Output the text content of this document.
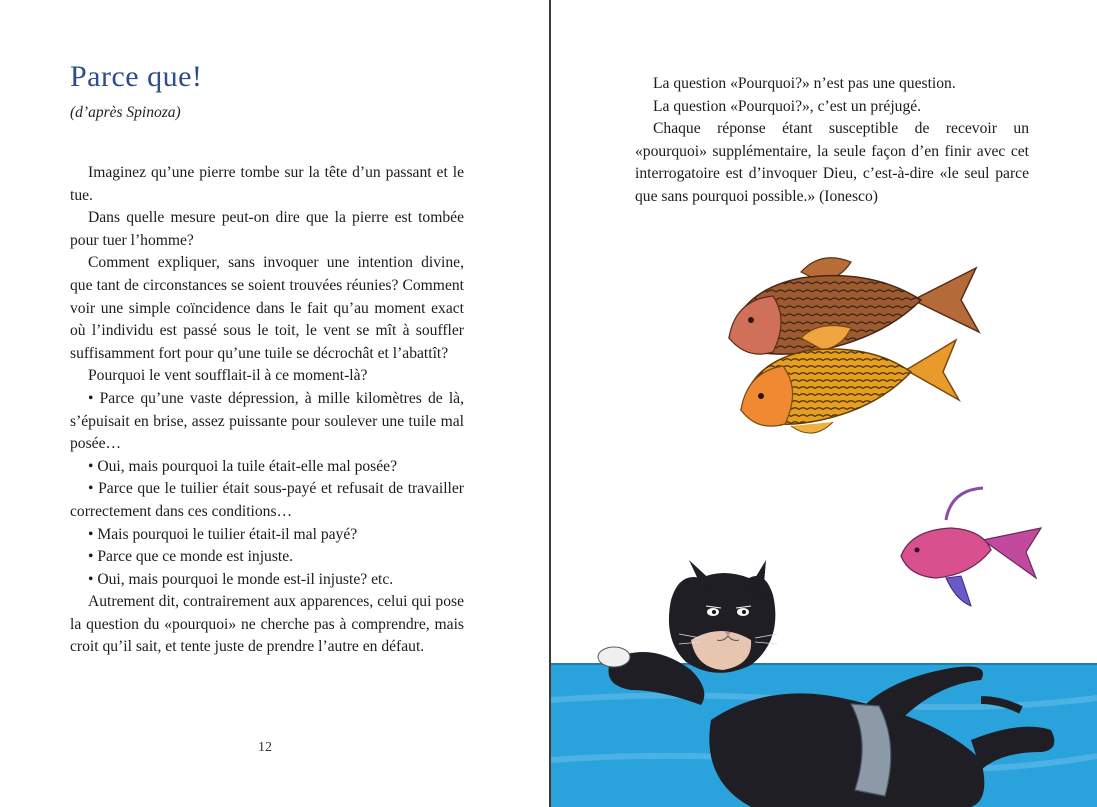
Parce que!
(d’après Spinoza)

Imaginez qu’une pierre tombe sur la tête d’un passant et le tue.

Dans quelle mesure peut-on dire que la pierre est tombée pour tuer l’homme?

Comment expliquer, sans invoquer une intention divine, que tant de circonstances se soient trouvées réunies? Comment voir une simple coïncidence dans le fait qu’au moment exact où l’individu est passé sous le toit, le vent se mît à souffler suffisamment fort pour qu’une tuile se décrochât et l’abattît?

Pourquoi le vent soufflait-il à ce moment-là?

• Parce qu’une vaste dépression, à mille kilomètres de là, s’épuisait en brise, assez puissante pour soulever une tuile mal posée…

• Oui, mais pourquoi la tuile était-elle mal posée?

• Parce que le tuilier était sous-payé et refusait de travailler correctement dans ces conditions…

• Mais pourquoi le tuilier était-il mal payé?

• Parce que ce monde est injuste.

• Oui, mais pourquoi le monde est-il injuste? etc.

Autrement dit, contrairement aux apparences, celui qui pose la question du «pourquoi» ne cherche pas à comprendre, mais croit qu’il sait, et tente juste de prendre l’autre en défaut.

12

La question «Pourquoi?» n’est pas une question.

La question «Pourquoi?», c’est un préjugé.

Chaque réponse étant susceptible de recevoir un «pourquoi» supplémentaire, la seule façon d’en finir avec cet interrogatoire est d’invoquer Dieu, c’est-à-dire «le seul parce que sans pourquoi possible.» (Ionesco)
